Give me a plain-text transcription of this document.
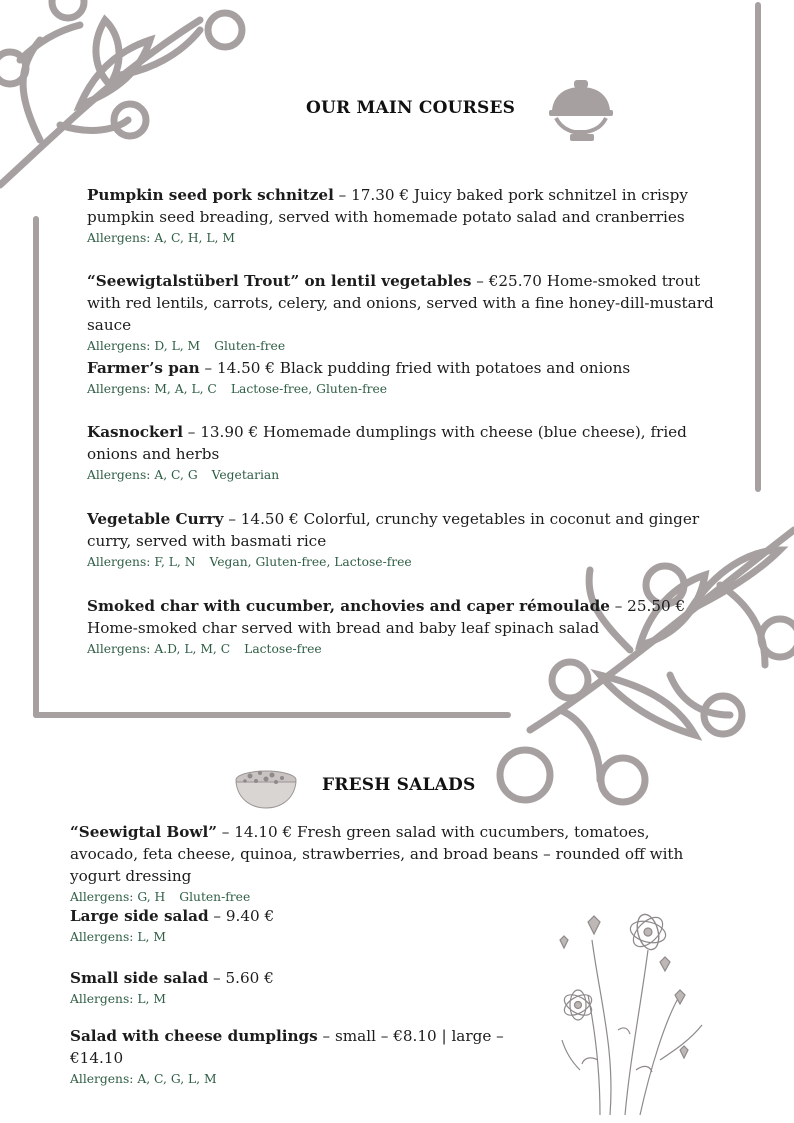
OUR MAIN COURSES
Pumpkin seed pork schnitzel – 17.30 € Juicy baked pork schnitzel in crispy pumpkin seed breading, served with homemade potato salad and cranberries
Allergens: A, C, H, L, M
“Seewigtalstüberl Trout” on lentil vegetables – €25.70 Home-smoked trout with red lentils, carrots, celery, and onions, served with a fine honey-dill-mustard sauce
Allergens: D, L, M Gluten-free
Farmer’s pan – 14.50 € Black pudding fried with potatoes and onions
Allergens: M, A, L, C Lactose-free, Gluten-free
Kasnockerl – 13.90 € Homemade dumplings with cheese (blue cheese), fried onions and herbs
Allergens: A, C, G Vegetarian
Vegetable Curry – 14.50 € Colorful, crunchy vegetables in coconut and ginger curry, served with basmati rice
Allergens: F, L, N Vegan, Gluten-free, Lactose-free
Smoked char with cucumber, anchovies and caper rémoulade – 25.50 € Home-smoked char served with bread and baby leaf spinach salad
Allergens: A.D, L, M, C Lactose-free
FRESH SALADS
“Seewigtal Bowl” – 14.10 € Fresh green salad with cucumbers, tomatoes, avocado, feta cheese, quinoa, strawberries, and broad beans – rounded off with yogurt dressing
Allergens: G, H Gluten-free
Large side salad – 9.40 €
Allergens: L, M
Small side salad – 5.60 €
Allergens: L, M
Salad with cheese dumplings – small – €8.10 | large – €14.10
Allergens: A, C, G, L, M
